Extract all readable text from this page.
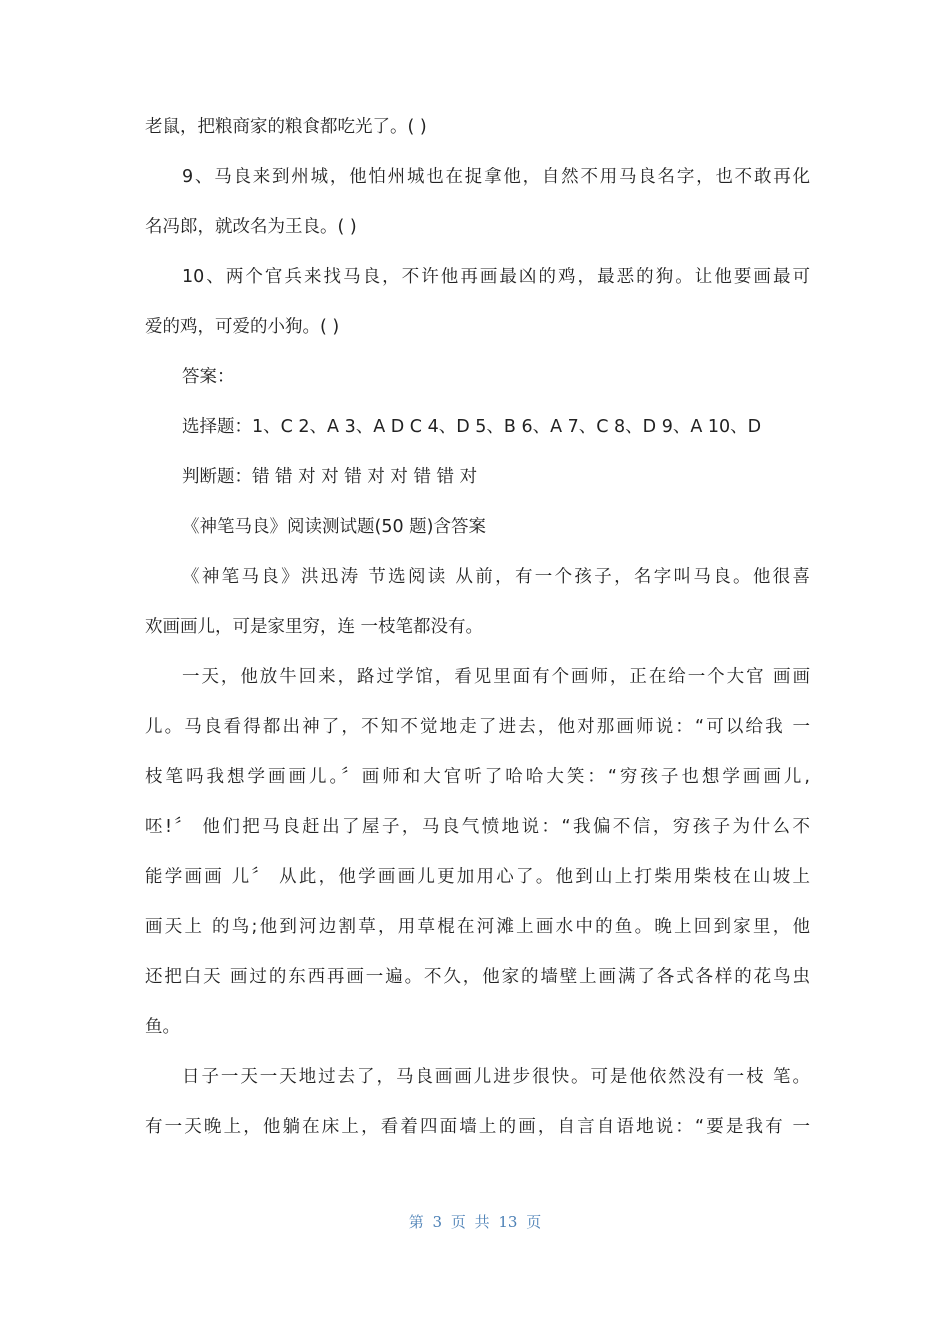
老鼠，把粮商家的粮食都吃光了。( )
9、马良来到州城，他怕州城也在捉拿他，自然不用马良名字，也不敢再化
名冯郎，就改名为王良。( )
10、两个官兵来找马良，不许他再画最凶的鸡，最恶的狗。让他要画最可
爱的鸡，可爱的小狗。( )
答案：
选择题：1、C 2、A 3、A D C 4、D 5、B 6、A 7、C 8、D 9、A 10、D
判断题：错 错 对 对 错 对 对 错 错 对
《神笔马良》阅读测试题(50 题)含答案
《神笔马良》洪迅涛 节选阅读 从前，有一个孩子，名字叫马良。他很喜
欢画画儿，可是家里穷，连 一枝笔都没有。
一天，他放牛回来，路过学馆，看见里面有个画师，正在给一个大官 画画
儿。马良看得都出神了，不知不觉地走了进去，他对那画师说：“可以给我 一
枝笔吗我想学画画儿。〞画师和大官听了哈哈大笑：“穷孩子也想学画画儿,
呸!〞 他们把马良赶出了屋子，马良气愤地说：“我偏不信，穷孩子为什么不
能学画画 儿〞 从此，他学画画儿更加用心了。他到山上打柴用柴枝在山坡上
画天上 的鸟;他到河边割草，用草棍在河滩上画水中的鱼。晚上回到家里，他
还把白天 画过的东西再画一遍。不久，他家的墙壁上画满了各式各样的花鸟虫
鱼。
日子一天一天地过去了，马良画画儿进步很快。可是他依然没有一枝 笔。
有一天晚上，他躺在床上，看着四面墙上的画，自言自语地说：“要是我有 一
第 3 页 共 13 页
